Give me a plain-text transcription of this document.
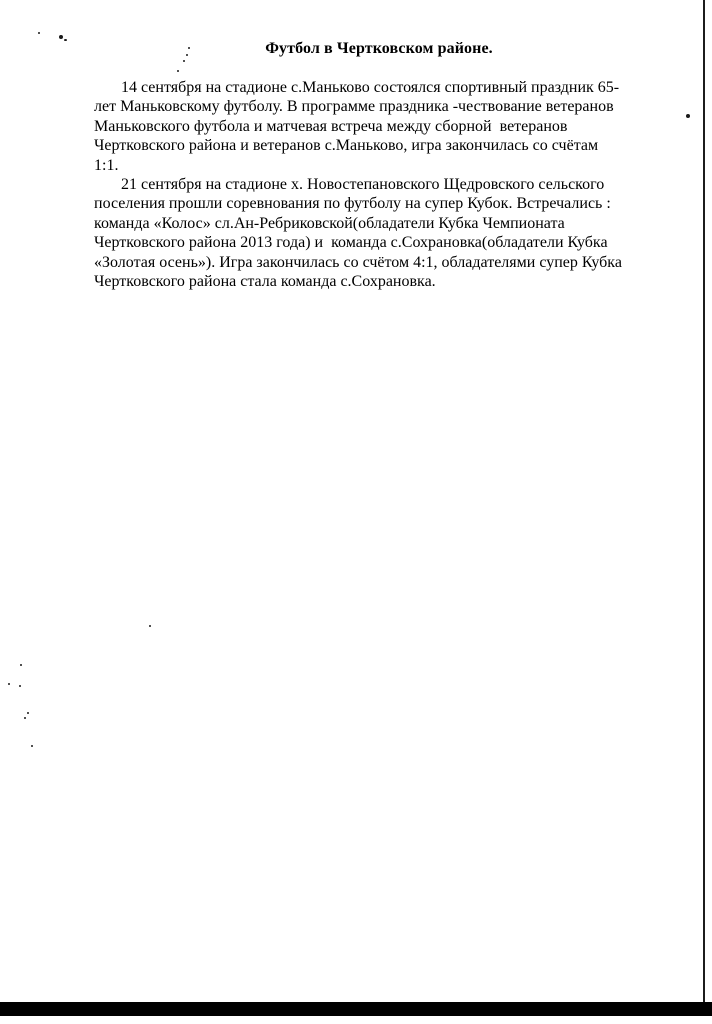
Футбол в Чертковском районе.
14 сентября на стадионе с.Маньково состоялся спортивный праздник 65-
лет Маньковскому футболу. В программе праздника -чествование ветеранов
Маньковского футбола и матчевая встреча между сборной  ветеранов
Чертковского района и ветеранов с.Маньково, игра закончилась со счётам
1:1.
21 сентября на стадионе х. Новостепановского Щедровского сельского
поселения прошли соревнования по футболу на супер Кубок. Встречались :
команда «Колос» сл.Ан-Ребриковской(обладатели Кубка Чемпионата
Чертковского района 2013 года) и  команда с.Сохрановка(обладатели Кубка
«Золотая осень»). Игра закончилась со счётом 4:1, обладателями супер Кубка
Чертковского района стала команда с.Сохрановка.
